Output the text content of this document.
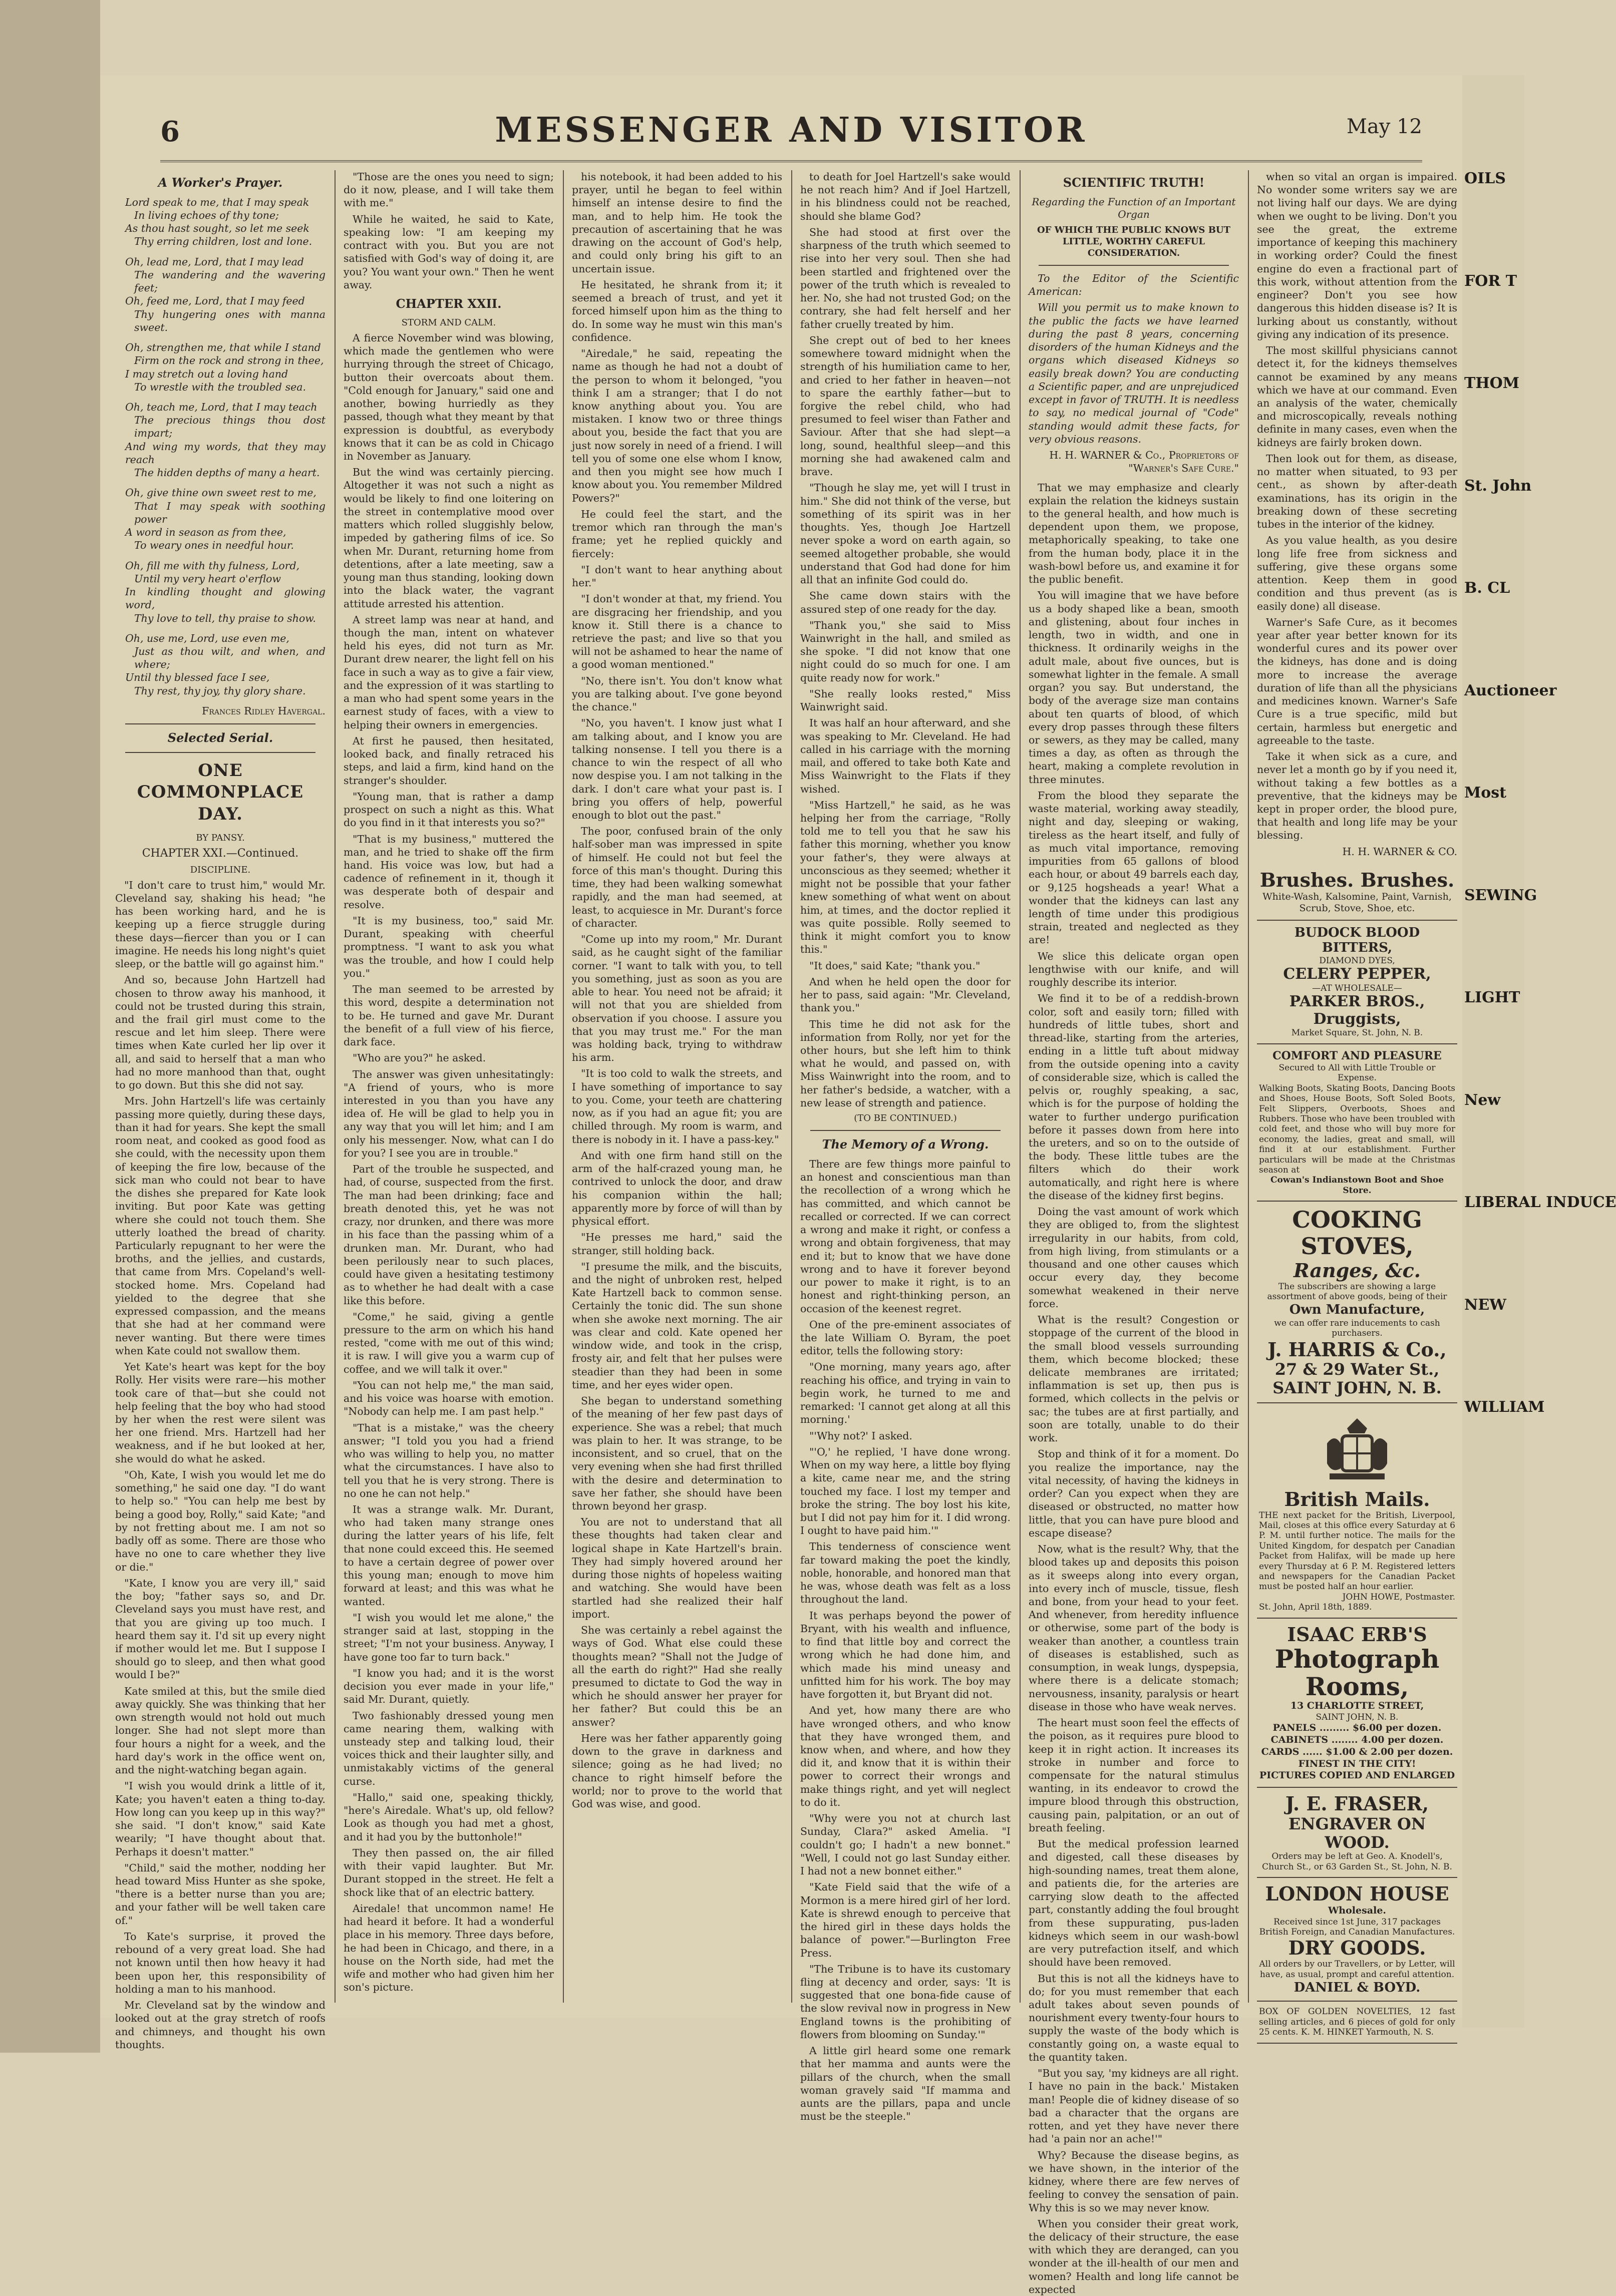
6	MESSENGER AND VISITOR	May 12
A Worker's Prayer.
Lord speak to me, that I may speak
In living echoes of thy tone;
As thou hast sought, so let me seek
Thy erring children, lost and lone.
Oh, lead me, Lord, that I may lead
The wandering and the wavering feet;
Oh, feed me, Lord, that I may feed
Thy hungering ones with manna sweet.
Oh, strengthen me, that while I stand
Firm on the rock and strong in thee,
I may stretch out a loving hand
To wrestle with the troubled sea.
Oh, teach me, Lord, that I may teach
The precious things thou dost impart;
And wing my words, that they may reach
The hidden depths of many a heart.
Oh, give thine own sweet rest to me,
That I may speak with soothing power
A word in season as from thee,
To weary ones in needful hour.
Oh, fill me with thy fulness, Lord,
Until my very heart o'erflow
In kindling thought and glowing word,
Thy love to tell, thy praise to show.
Oh, use me, Lord, use even me,
Just as thou wilt, and when, and where;
Until thy blessed face I see,
Thy rest, thy joy, thy glory share.
Frances Ridley Havergal.
Selected Serial.
ONE COMMONPLACE DAY.
BY PANSY.
CHAPTER XXI.—Continued.
DISCIPLINE.

"I don't care to trust him," would Mr. Cleveland say, shaking his head; "he has been working hard, and he is keeping up a fierce struggle during these days—fiercer than you or I can imagine. He needs his long night's quiet sleep, or the battle will go against him."

And so, because John Hartzell had chosen to throw away his manhood, it could not be trusted during this strain, and the frail girl must come to the rescue and let him sleep. There were times when Kate curled her lip over it all, and said to herself that a man who had no more manhood than that, ought to go down. But this she did not say.

Mrs. John Hartzell's life was certainly passing more quietly, during these days, than it had for years. She kept the small room neat, and cooked as good food as she could, with the necessity upon them of keeping the fire low, because of the sick man who could not bear to have the dishes she prepared for Kate look inviting. But poor Kate was getting where she could not touch them. She utterly loathed the bread of charity. Particularly repugnant to her were the broths, and the jellies, and custards, that came from Mrs. Copeland's well-stocked home. Mrs. Copeland had yielded to the degree that she expressed compassion, and the means that she had at her command were never wanting. But there were times when Kate could not swallow them.

Yet Kate's heart was kept for the boy Rolly. Her visits were rare—his mother took care of that—but she could not help feeling that the boy who had stood by her when the rest were silent was her one friend. Mrs. Hartzell had her weakness, and if he but looked at her, she would do what he asked.

"Oh, Kate, I wish you would let me do something," he said one day. "I do want to help so." "You can help me best by being a good boy, Rolly," said Kate; "and by not fretting about me. I am not so badly off as some. There are those who have no one to care whether they live or die."

"Kate, I know you are very ill," said the boy; "father says so, and Dr. Cleveland says you must have rest, and that you are giving up too much. I heard them say it. I'd sit up every night if mother would let me. But I suppose I should go to sleep, and then what good would I be?"

Kate smiled at this, but the smile died away quickly. She was thinking that her own strength would not hold out much longer. She had not slept more than four hours a night for a week, and the hard day's work in the office went on, and the night-watching began again.

"I wish you would drink a little of it, Kate; you haven't eaten a thing to-day. How long can you keep up in this way?" she said. "I don't know," said Kate wearily; "I have thought about that. Perhaps it doesn't matter."

"Child," said the mother, nodding her head toward Miss Hunter as she spoke, "there is a better nurse than you are; and your father will be well taken care of."

To Kate's surprise, it proved the rebound of a very great load. She had not known until then how heavy it had been upon her, this responsibility of holding a man to his manhood.

Mr. Cleveland sat by the window and looked out at the gray stretch of roofs and chimneys, and thought his own thoughts.

"Those are the ones you need to sign; do it now, please, and I will take them with me."

While he waited, he said to Kate, speaking low: "I am keeping my contract with you. But you are not satisfied with God's way of doing it, are you? You want your own." Then he went away.

CHAPTER XXII.
STORM AND CALM.

A fierce November wind was blowing, which made the gentlemen who were hurrying through the street of Chicago, button their overcoats about them. "Cold enough for January," said one and another, bowing hurriedly as they passed, though what they meant by that expression is doubtful, as everybody knows that it can be as cold in Chicago in November as January.

But the wind was certainly piercing. Altogether it was not such a night as would be likely to find one loitering on the street in contemplative mood over matters which rolled sluggishly below, impeded by gathering films of ice. So when Mr. Durant, returning home from detentions, after a late meeting, saw a young man thus standing, looking down into the black water, the vagrant attitude arrested his attention.

A street lamp was near at hand, and though the man, intent on whatever held his eyes, did not turn as Mr. Durant drew nearer, the light fell on his face in such a way as to give a fair view, and the expression of it was startling to a man who had spent some years in the earnest study of faces, with a view to helping their owners in emergencies.

At first he paused, then hesitated, looked back, and finally retraced his steps, and laid a firm, kind hand on the stranger's shoulder.

"Young man, that is rather a damp prospect on such a night as this. What do you find in it that interests you so?"

"That is my business," muttered the man, and he tried to shake off the firm hand. His voice was low, but had a cadence of refinement in it, though it was desperate both of despair and resolve.

"It is my business, too," said Mr. Durant, speaking with cheerful promptness. "I want to ask you what was the trouble, and how I could help you."

The man seemed to be arrested by this word, despite a determination not to be. He turned and gave Mr. Durant the benefit of a full view of his fierce, dark face.

"Who are you?" he asked.

The answer was given unhesitatingly: "A friend of yours, who is more interested in you than you have any idea of. He will be glad to help you in any way that you will let him; and I am only his messenger. Now, what can I do for you? I see you are in trouble."

Part of the trouble he suspected, and had, of course, suspected from the first. The man had been drinking; face and breath denoted this, yet he was not crazy, nor drunken, and there was more in his face than the passing whim of a drunken man. Mr. Durant, who had been perilously near to such places, could have given a hesitating testimony as to whether he had dealt with a case like this before.

"Come," he said, giving a gentle pressure to the arm on which his hand rested, "come with me out of this wind; it is raw. I will give you a warm cup of coffee, and we will talk it over."

"You can not help me," the man said, and his voice was hoarse with emotion. "Nobody can help me. I am past help."

"That is a mistake," was the cheery answer; "I told you you had a friend who was willing to help you, no matter what the circumstances. I have also to tell you that he is very strong. There is no one he can not help."

It was a strange walk. Mr. Durant, who had taken many strange ones during the latter years of his life, felt that none could exceed this. He seemed to have a certain degree of power over this young man; enough to move him forward at least; and this was what he wanted.

"I wish you would let me alone," the stranger said at last, stopping in the street; "I'm not your business. Anyway, I have gone too far to turn back."

"I know you had; and it is the worst decision you ever made in your life," said Mr. Durant, quietly.

Two fashionably dressed young men came nearing them, walking with unsteady step and talking loud, their voices thick and their laughter silly, and unmistakably victims of the general curse.

"Hallo," said one, speaking thickly, "here's Airedale. What's up, old fellow? Look as though you had met a ghost, and it had you by the buttonhole!"

They then passed on, the air filled with their vapid laughter. But Mr. Durant stopped in the street. He felt a shock like that of an electric battery.

Airedale! that uncommon name! He had heard it before. It had a wonderful place in his memory. Three days before, he had been in Chicago, and there, in a house on the North side, had met the wife and mother who had given him her son's picture.

his notebook, it had been added to his prayer, until he began to feel within himself an intense desire to find the man, and to help him. He took the precaution of ascertaining that he was drawing on the account of God's help, and could only bring his gift to an uncertain issue.

He hesitated, he shrank from it; it seemed a breach of trust, and yet it forced himself upon him as the thing to do. In some way he must win this man's confidence.

"Airedale," he said, repeating the name as though he had not a doubt of the person to whom it belonged, "you think I am a stranger; that I do not know anything about you. You are mistaken. I know two or three things about you, beside the fact that you are just now sorely in need of a friend. I will tell you of some one else whom I know, and then you might see how much I know about you. You remember Mildred Powers?"

He could feel the start, and the tremor which ran through the man's frame; yet he replied quickly and fiercely:

"I don't want to hear anything about her."

"I don't wonder at that, my friend. You are disgracing her friendship, and you know it. Still there is a chance to retrieve the past; and live so that you will not be ashamed to hear the name of a good woman mentioned."

"No, there isn't. You don't know what you are talking about. I've gone beyond the chance."

"No, you haven't. I know just what I am talking about, and I know you are talking nonsense. I tell you there is a chance to win the respect of all who now despise you. I am not talking in the dark. I don't care what your past is. I bring you offers of help, powerful enough to blot out the past."

The poor, confused brain of the only half-sober man was impressed in spite of himself. He could not but feel the force of this man's thought. During this time, they had been walking somewhat rapidly, and the man had seemed, at least, to acquiesce in Mr. Durant's force of character.

"Come up into my room," Mr. Durant said, as he caught sight of the familiar corner. "I want to talk with you, to tell you something, just as soon as you are able to hear. You need not be afraid; it will not that you are shielded from observation if you choose. I assure you that you may trust me." For the man was holding back, trying to withdraw his arm.

"It is too cold to walk the streets, and I have something of importance to say to you. Come, your teeth are chattering now, as if you had an ague fit; you are chilled through. My room is warm, and there is nobody in it. I have a pass-key."

And with one firm hand still on the arm of the half-crazed young man, he contrived to unlock the door, and draw his companion within the hall; apparently more by force of will than by physical effort.

"He presses me hard," said the stranger, still holding back.

"I presume the milk, and the biscuits, and the night of unbroken rest, helped Kate Hartzell back to common sense. Certainly the tonic did. The sun shone when she awoke next morning. The air was clear and cold. Kate opened her window wide, and took in the crisp, frosty air, and felt that her pulses were steadier than they had been in some time, and her eyes wider open.

She began to understand something of the meaning of her few past days of experience. She was a rebel; that much was plain to her. It was strange, to be inconsistent, and so cruel, that on the very evening when she had first thrilled with the desire and determination to save her father, she should have been thrown beyond her grasp.

You are not to understand that all these thoughts had taken clear and logical shape in Kate Hartzell's brain. They had simply hovered around her during those nights of hopeless waiting and watching. She would have been startled had she realized their half import.

She was certainly a rebel against the ways of God. What else could these thoughts mean? "Shall not the Judge of all the earth do right?" Had she really presumed to dictate to God the way in which he should answer her prayer for her father? But could this be an answer?

Here was her father apparently going down to the grave in darkness and silence; going as he had lived; no chance to right himself before the world; nor to prove to the world that God was wise, and good.

to death for Joel Hartzell's sake would he not reach him? And if Joel Hartzell, in his blindness could not be reached, should she blame God?

She had stood at first over the sharpness of the truth which seemed to rise into her very soul. Then she had been startled and frightened over the power of the truth which is revealed to her. No, she had not trusted God; on the contrary, she had felt herself and her father cruelly treated by him.

She crept out of bed to her knees somewhere toward midnight when the strength of his humiliation came to her, and cried to her father in heaven—not to spare the earthly father—but to forgive the rebel child, who had presumed to feel wiser than Father and Saviour. After that she had slept—a long, sound, healthful sleep—and this morning she had awakened calm and brave.

"Though he slay me, yet will I trust in him." She did not think of the verse, but something of its spirit was in her thoughts. Yes, though Joe Hartzell never spoke a word on earth again, so seemed altogether probable, she would understand that God had done for him all that an infinite God could do.

She came down stairs with the assured step of one ready for the day.

"Thank you," she said to Miss Wainwright in the hall, and smiled as she spoke. "I did not know that one night could do so much for one. I am quite ready now for work."

"She really looks rested," Miss Wainwright said.

It was half an hour afterward, and she was speaking to Mr. Cleveland. He had called in his carriage with the morning mail, and offered to take both Kate and Miss Wainwright to the Flats if they wished.

"Miss Hartzell," he said, as he was helping her from the carriage, "Rolly told me to tell you that he saw his father this morning, whether you know your father's, they were always at unconscious as they seemed; whether it might not be possible that your father knew something of what went on about him, at times, and the doctor replied it was quite possible. Rolly seemed to think it might comfort you to know this."

"It does," said Kate; "thank you."

And when he held open the door for her to pass, said again: "Mr. Cleveland, thank you."

This time he did not ask for the information from Rolly, nor yet for the other hours, but she left him to think what he would, and passed on, with Miss Wainwright into the room, and to her father's bedside, a watcher, with a new lease of strength and patience.

(TO BE CONTINUED.)
The Memory of a Wrong.

There are few things more painful to an honest and conscientious man than the recollection of a wrong which he has committed, and which cannot be recalled or corrected. If we can correct a wrong and make it right, or confess a wrong and obtain forgiveness, that may end it; but to know that we have done wrong and to have it forever beyond our power to make it right, is to an honest and right-thinking person, an occasion of the keenest regret.

One of the pre-eminent associates of the late William O. Byram, the poet editor, tells the following story:

"One morning, many years ago, after reaching his office, and trying in vain to begin work, he turned to me and remarked: 'I cannot get along at all this morning.'

"'Why not?' I asked.

"'O,' he replied, 'I have done wrong. When on my way here, a little boy flying a kite, came near me, and the string touched my face. I lost my temper and broke the string. The boy lost his kite, but I did not pay him for it. I did wrong. I ought to have paid him.'"

This tenderness of conscience went far toward making the poet the kindly, noble, honorable, and honored man that he was, whose death was felt as a loss throughout the land.

It was perhaps beyond the power of Bryant, with his wealth and influence, to find that little boy and correct the wrong which he had done him, and which made his mind uneasy and unfitted him for his work. The boy may have forgotten it, but Bryant did not.

And yet, how many there are who have wronged others, and who know that they have wronged them, and know when, and where, and how they did it, and know that it is within their power to correct their wrongs and make things right, and yet will neglect to do it.

"Why were you not at church last Sunday, Clara?" asked Amelia. "I couldn't go; I hadn't a new bonnet." "Well, I could not go last Sunday either. I had not a new bonnet either."

"Kate Field said that the wife of a Mormon is a mere hired girl of her lord. Kate is shrewd enough to perceive that the hired girl in these days holds the balance of power."—Burlington Free Press.

"The Tribune is to have its customary fling at decency and order, says: 'It is suggested that one bona-fide cause of the slow revival now in progress in New England towns is the prohibiting of flowers from blooming on Sunday.'"

A little girl heard some one remark that her mamma and aunts were the pillars of the church, when the small woman gravely said "If mamma and aunts are the pillars, papa and uncle must be the steeple."

SCIENTIFIC TRUTH!
Regarding the Function of an Important Organ
OF WHICH THE PUBLIC KNOWS BUT LITTLE, WORTHY CAREFUL CONSIDERATION.

To the Editor of the Scientific American:

Will you permit us to make known to the public the facts we have learned during the past 8 years, concerning disorders of the human Kidneys and the organs which diseased Kidneys so easily break down? You are conducting a Scientific paper, and are unprejudiced except in favor of TRUTH. It is needless to say, no medical journal of "Code" standing would admit these facts, for very obvious reasons.

H. H. WARNER & Co., Proprietors of "Warner's Safe Cure."

That we may emphasize and clearly explain the relation the kidneys sustain to the general health, and how much is dependent upon them, we propose, metaphorically speaking, to take one from the human body, place it in the wash-bowl before us, and examine it for the public benefit.

You will imagine that we have before us a body shaped like a bean, smooth and glistening, about four inches in length, two in width, and one in thickness. It ordinarily weighs in the adult male, about five ounces, but is somewhat lighter in the female. A small organ? you say. But understand, the body of the average size man contains about ten quarts of blood, of which every drop passes through these filters or sewers, as they may be called, many times a day, as often as through the heart, making a complete revolution in three minutes.

From the blood they separate the waste material, working away steadily, night and day, sleeping or waking, tireless as the heart itself, and fully of as much vital importance, removing impurities from 65 gallons of blood each hour, or about 49 barrels each day, or 9,125 hogsheads a year! What a wonder that the kidneys can last any length of time under this prodigious strain, treated and neglected as they are!

We slice this delicate organ open lengthwise with our knife, and will roughly describe its interior.

We find it to be of a reddish-brown color, soft and easily torn; filled with hundreds of little tubes, short and thread-like, starting from the arteries, ending in a little tuft about midway from the outside opening into a cavity of considerable size, which is called the pelvis or, roughly speaking, a sac, which is for the purpose of holding the water to further undergo purification before it passes down from here into the ureters, and so on to the outside of the body. These little tubes are the filters which do their work automatically, and right here is where the disease of the kidney first begins.

Doing the vast amount of work which they are obliged to, from the slightest irregularity in our habits, from cold, from high living, from stimulants or a thousand and one other causes which occur every day, they become somewhat weakened in their nerve force.

What is the result? Congestion or stoppage of the current of the blood in the small blood vessels surrounding them, which become blocked; these delicate membranes are irritated; inflammation is set up, then pus is formed, which collects in the pelvis or sac; the tubes are at first partially, and soon are totally, unable to do their work.

Stop and think of it for a moment. Do you realize the importance, nay the vital necessity, of having the kidneys in order? Can you expect when they are diseased or obstructed, no matter how little, that you can have pure blood and escape disease?

Now, what is the result? Why, that the blood takes up and deposits this poison as it sweeps along into every organ, into every inch of muscle, tissue, flesh and bone, from your head to your feet. And whenever, from heredity influence or otherwise, some part of the body is weaker than another, a countless train of diseases is established, such as consumption, in weak lungs, dyspepsia, where there is a delicate stomach; nervousness, insanity, paralysis or heart disease in those who have weak nerves.

The heart must soon feel the effects of the poison, as it requires pure blood to keep it in right action. It increases its stroke in number and force to compensate for the natural stimulus wanting, in its endeavor to crowd the impure blood through this obstruction, causing pain, palpitation, or an out of breath feeling.

But the medical profession learned and digested, call these diseases by high-sounding names, treat them alone, and patients die, for the arteries are carrying slow death to the affected part, constantly adding the foul brought from these suppurating, pus-laden kidneys which seem in our wash-bowl are very putrefaction itself, and which should have been removed.

But this is not all the kidneys have to do; for you must remember that each adult takes about seven pounds of nourishment every twenty-four hours to supply the waste of the body which is constantly going on, a waste equal to the quantity taken.

"But you say, 'my kidneys are all right. I have no pain in the back.' Mistaken man! People die of kidney disease of so bad a character that the organs are rotten, and yet they have never there had 'a pain nor an ache!'"

Why? Because the disease begins, as we have shown, in the interior of the kidney, where there are few nerves of feeling to convey the sensation of pain. Why this is so we may never know.

When you consider their great work, the delicacy of their structure, the ease with which they are deranged, can you wonder at the ill-health of our men and women? Health and long life cannot be expected

when so vital an organ is impaired. No wonder some writers say we are not living half our days. We are dying when we ought to be living. Don't you see the great, the extreme importance of keeping this machinery in working order? Could the finest engine do even a fractional part of this work, without attention from the engineer? Don't you see how dangerous this hidden disease is? It is lurking about us constantly, without giving any indication of its presence.

The most skillful physicians cannot detect it, for the kidneys themselves cannot be examined by any means which we have at our command. Even an analysis of the water, chemically and microscopically, reveals nothing definite in many cases, even when the kidneys are fairly broken down.

Then look out for them, as disease, no matter when situated, to 93 per cent., as shown by after-death examinations, has its origin in the breaking down of these secreting tubes in the interior of the kidney.

As you value health, as you desire long life free from sickness and suffering, give these organs some attention. Keep them in good condition and thus prevent (as is easily done) all disease.

Warner's Safe Cure, as it becomes year after year better known for its wonderful cures and its power over the kidneys, has done and is doing more to increase the average duration of life than all the physicians and medicines known. Warner's Safe Cure is a true specific, mild but certain, harmless but energetic and agreeable to the taste.

Take it when sick as a cure, and never let a month go by if you need it, without taking a few bottles as a preventive, that the kidneys may be kept in proper order, the blood pure, that health and long life may be your blessing.

H. H. WARNER & CO.
Brushes. Brushes.
White-Wash, Kalsomine, Paint, Varnish, Scrub, Stove, Shoe, etc.
BUDOCK BLOOD BITTERS,
DIAMOND DYES,
CELERY PEPPER,
—AT WHOLESALE—
PARKER BROS., Druggists,
Market Square, St. John, N. B.
COMFORT AND PLEASURE
Secured to All with Little Trouble or Expense.
Walking Boots, Skating Boots, Dancing Boots and Shoes, House Boots, Soft Soled Boots, Felt Slippers, Overboots, Shoes and Rubbers. Those who have been troubled with cold feet, and those who will buy more for economy, the ladies, great and small, will find it at our establishment. Further particulars will be made at the Christmas season at
Cowan's Indianstown Boot and Shoe Store.
COOKING STOVES,
Ranges, &c.
The subscribers are showing a large assortment of above goods, being of their
Own Manufacture,
we can offer rare inducements to cash purchasers.
J. HARRIS & Co.,
27 & 29 Water St.,
SAINT JOHN, N. B.
British Mails.
THE next packet for the British, Liverpool, Mail, closes at this office every Saturday at 6 P. M. until further notice. The mails for the United Kingdom, for despatch per Canadian Packet from Halifax, will be made up here every Thursday at 6 P. M. Registered letters and newspapers for the Canadian Packet must be posted half an hour earlier.
JOHN HOWE, Postmaster.
St. John, April 18th, 1889.
ISAAC ERB'S
Photograph Rooms,
13 CHARLOTTE STREET,
SAINT JOHN, N. B.
PANELS ......... $6.00 per dozen.
CABINETS ........ 4.00 per dozen.
CARDS ...... $1.00 & 2.00 per dozen.
FINEST IN THE CITY!
PICTURES COPIED AND ENLARGED
J. E. FRASER,
ENGRAVER ON WOOD.
Orders may be left at Geo. A. Knodell's, Church St., or 63 Garden St., St. John, N. B.
LONDON HOUSE
Wholesale.
Received since 1st June, 317 packages British Foreign, and Canadian Manufactures.
DRY GOODS.
All orders by our Travellers, or by Letter, will have, as usual, prompt and careful attention.
DANIEL & BOYD.
BOX OF GOLDEN NOVELTIES, 12 fast selling articles, and 6 pieces of gold for only 25 cents. K. M. HINKET Yarmouth, N. S.
OILS
FOR T
THOM
St. John
B. CL
Auctioneer
Most
SEWING
LIGHT
New
LIBERAL INDUCE
NEW
WILLIAM
